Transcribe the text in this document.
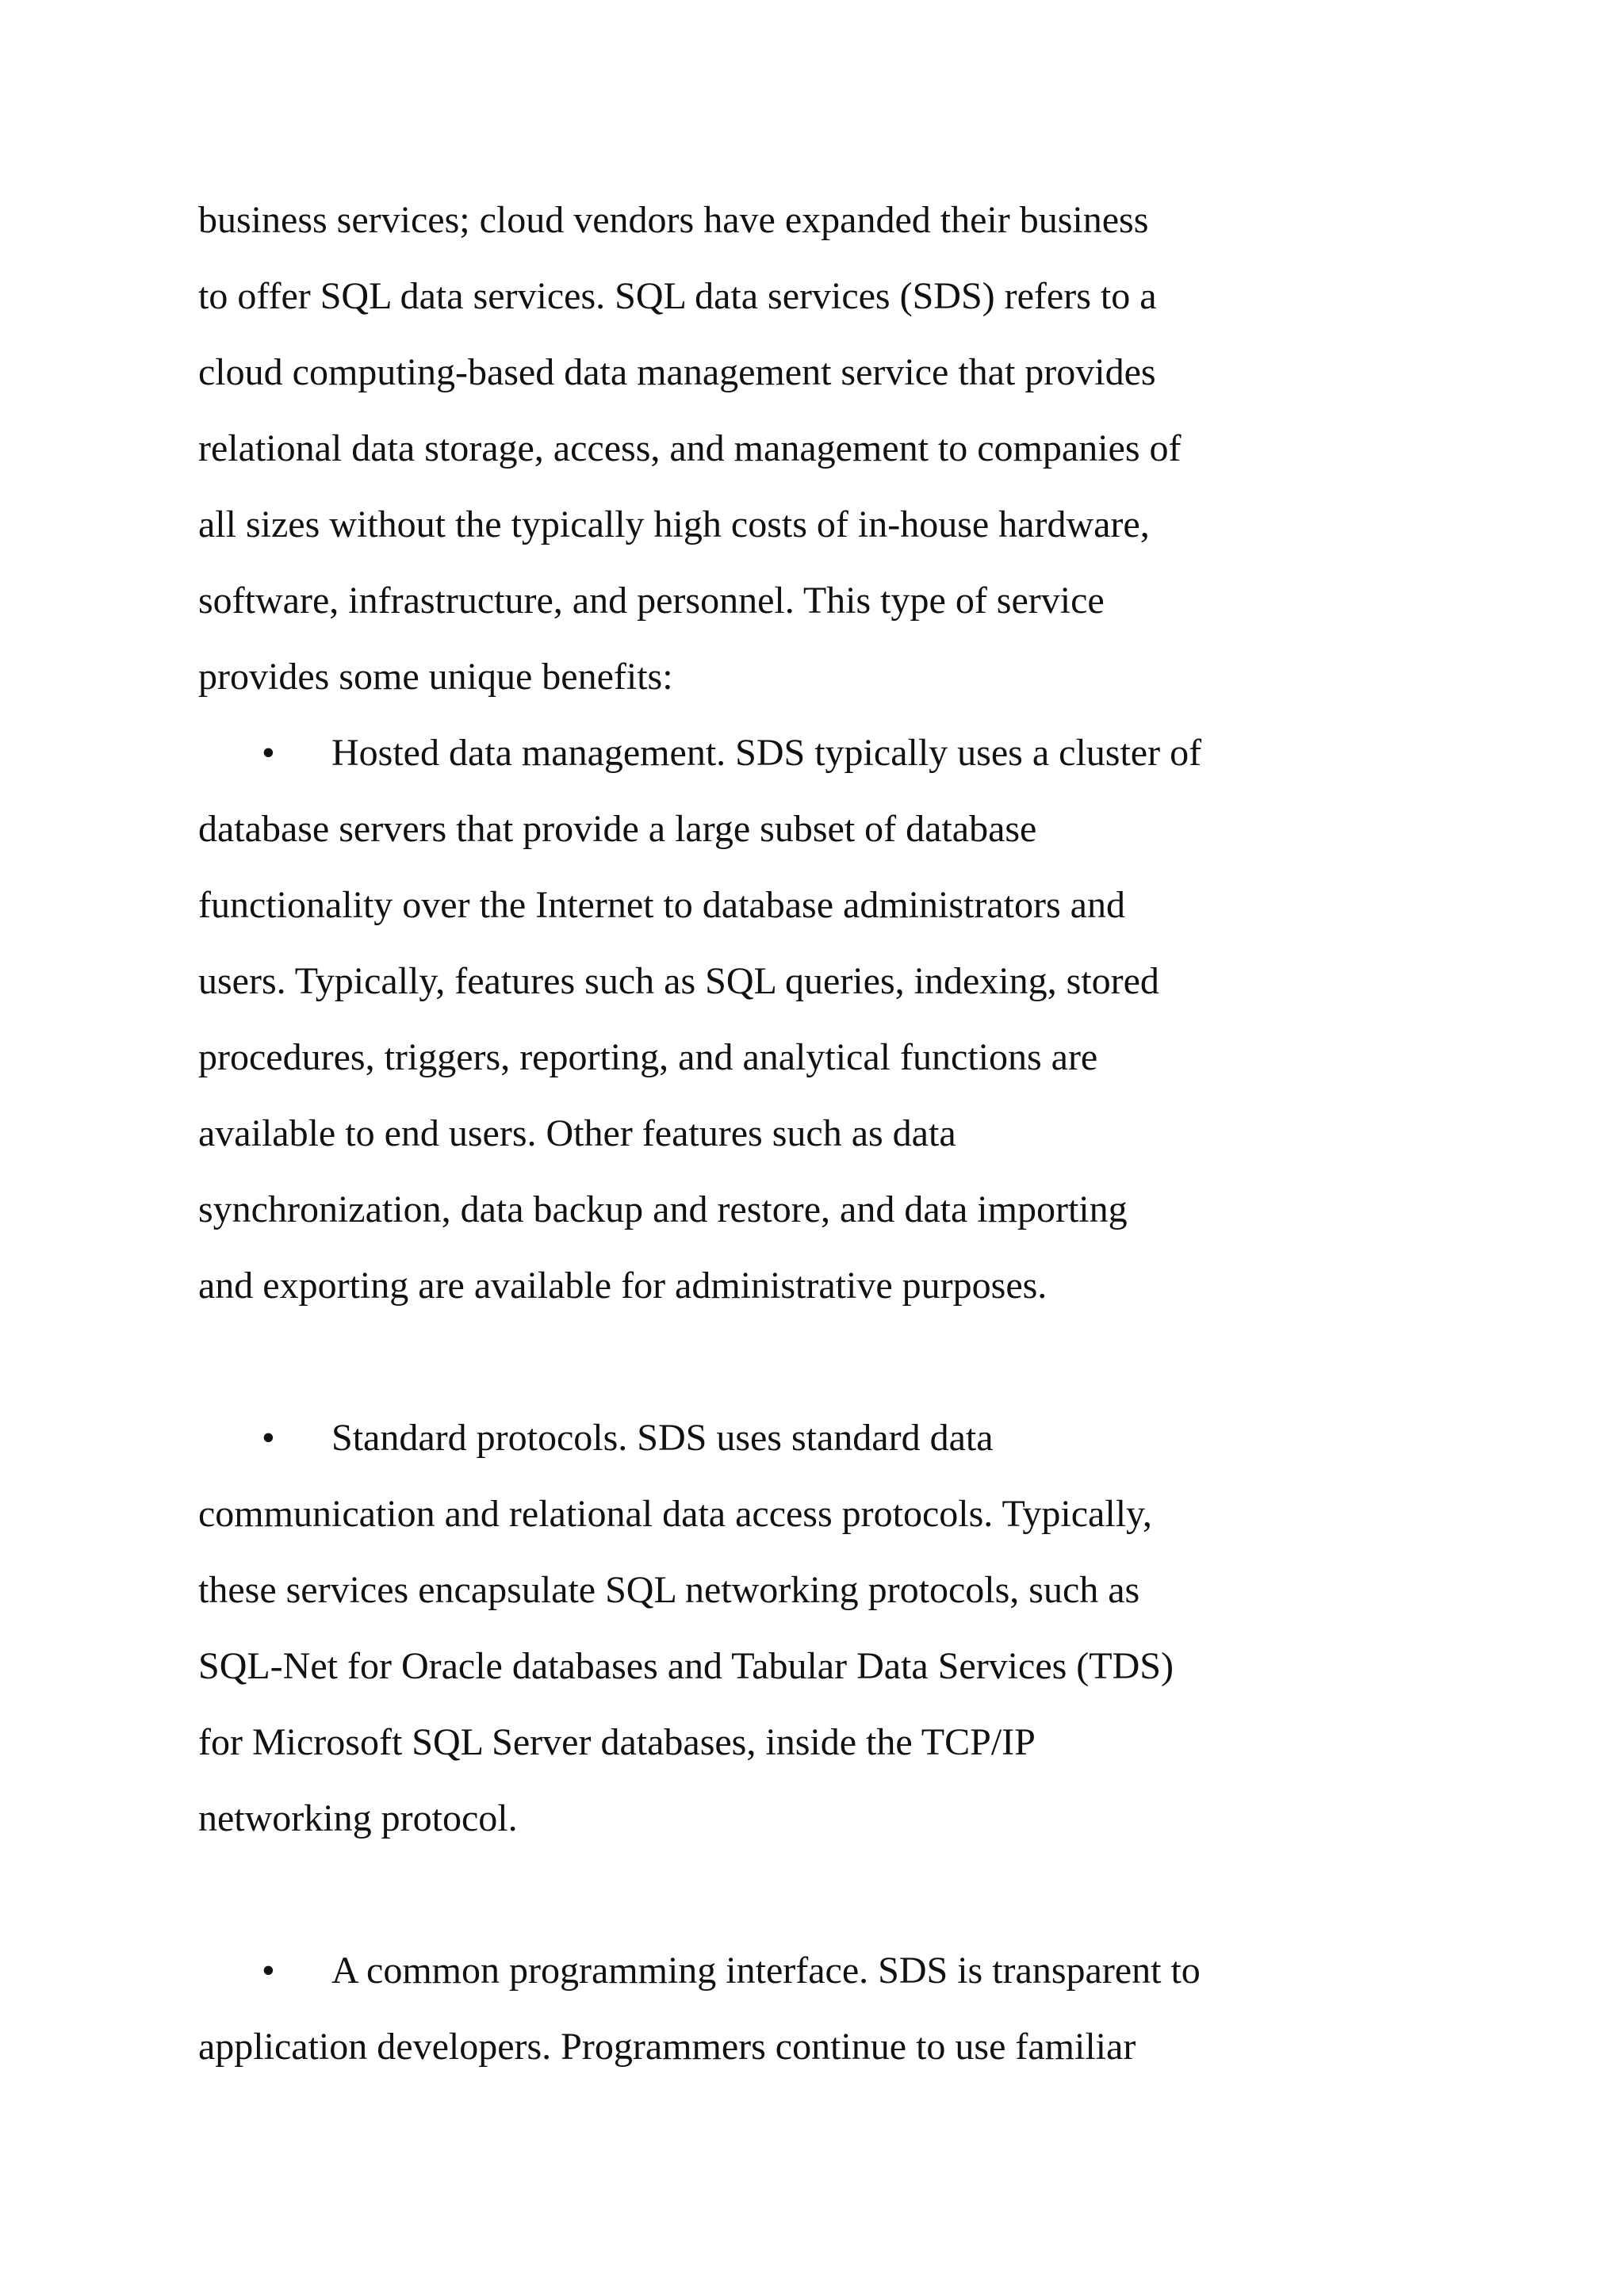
business services; cloud vendors have expanded their business
to offer SQL data services. SQL data services (SDS) refers to a
cloud computing-based data management service that provides
relational data storage, access, and management to companies of
all sizes without the typically high costs of in-house hardware,
software, infrastructure, and personnel. This type of service
provides some unique benefits:
• Hosted data management. SDS typically uses a cluster of
database servers that provide a large subset of database
functionality over the Internet to database administrators and
users. Typically, features such as SQL queries, indexing, stored
procedures, triggers, reporting, and analytical functions are
available to end users. Other features such as data
synchronization, data backup and restore, and data importing
and exporting are available for administrative purposes.
• Standard protocols. SDS uses standard data
communication and relational data access protocols. Typically,
these services encapsulate SQL networking protocols, such as
SQL-Net for Oracle databases and Tabular Data Services (TDS)
for Microsoft SQL Server databases, inside the TCP/IP
networking protocol.
• A common programming interface. SDS is transparent to
application developers. Programmers continue to use familiar
